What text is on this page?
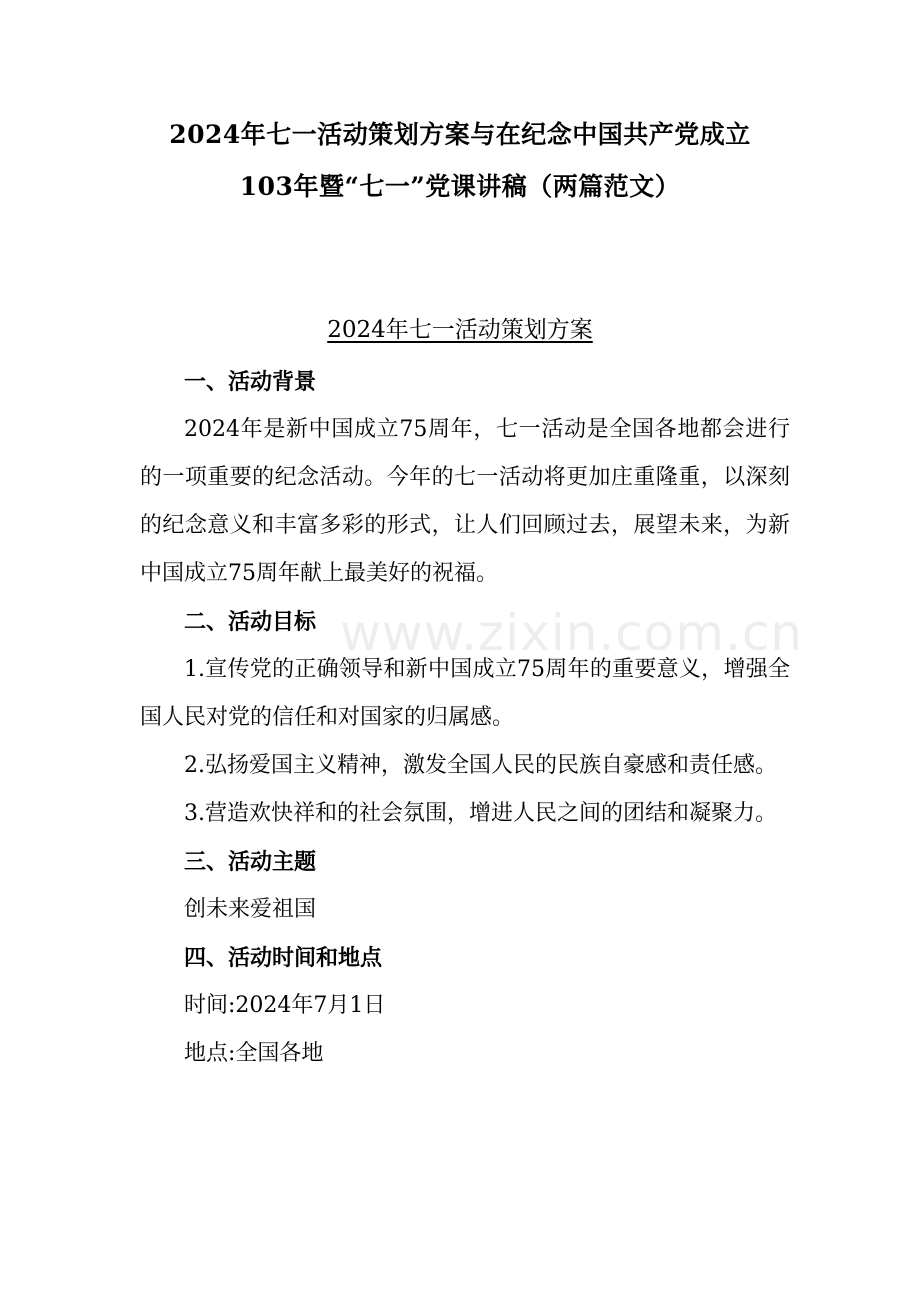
2024年七一活动策划方案与在纪念中国共产党成立
103年暨“七一”党课讲稿（两篇范文）
2024年七一活动策划方案

一、活动背景

2024年是新中国成立75周年，七一活动是全国各地都会进行的一项重要的纪念活动。今年的七一活动将更加庄重隆重，以深刻的纪念意义和丰富多彩的形式，让人们回顾过去，展望未来，为新中国成立75周年献上最美好的祝福。

二、活动目标

1.宣传党的正确领导和新中国成立75周年的重要意义，增强全国人民对党的信任和对国家的归属感。

2.弘扬爱国主义精神，激发全国人民的民族自豪感和责任感。

3.营造欢快祥和的社会氛围，增进人民之间的团结和凝聚力。

三、活动主题

创未来爱祖国

四、活动时间和地点

时间:2024年7月1日

地点:全国各地

www.zixin.com.cn
